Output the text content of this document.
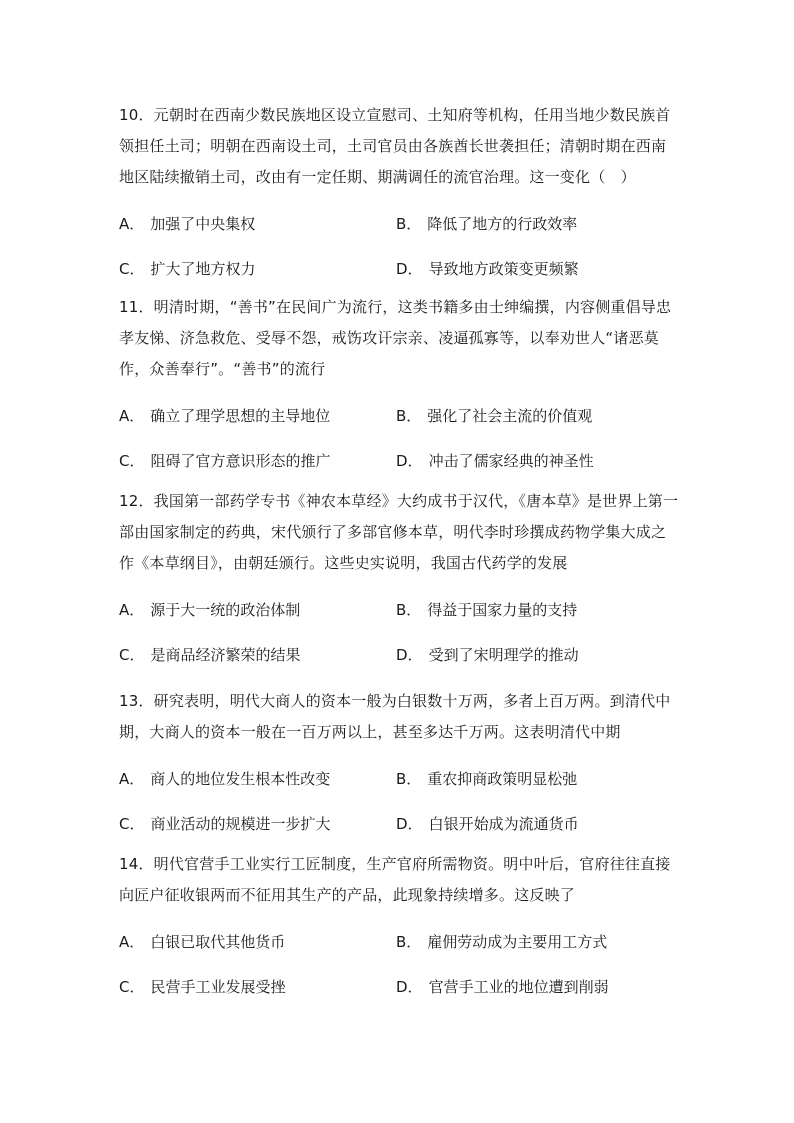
10．元朝时在西南少数民族地区设立宣慰司、土知府等机构，任用当地少数民族首领担任土司；明朝在西南设土司，土司官员由各族酋长世袭担任；清朝时期在西南地区陆续撤销土司，改由有一定任期、期满调任的流官治理。这一变化（　）

A． 加强了中央集权	B． 降低了地方的行政效率
C． 扩大了地方权力	D． 导致地方政策变更频繁

11．明清时期，“善书”在民间广为流行，这类书籍多由士绅编撰，内容侧重倡导忠孝友悌、济急救危、受辱不怨，戒饬攻讦宗亲、凌逼孤寡等，以奉劝世人“诸恶莫作，众善奉行”。“善书”的流行

A． 确立了理学思想的主导地位	B． 强化了社会主流的价值观
C． 阻碍了官方意识形态的推广	D． 冲击了儒家经典的神圣性

12．我国第一部药学专书《神农本草经》大约成书于汉代，《唐本草》是世界上第一部由国家制定的药典，宋代颁行了多部官修本草，明代李时珍撰成药物学集大成之作《本草纲目》，由朝廷颁行。这些史实说明，我国古代药学的发展

A． 源于大一统的政治体制	B． 得益于国家力量的支持
C． 是商品经济繁荣的结果	D． 受到了宋明理学的推动

13．研究表明，明代大商人的资本一般为白银数十万两，多者上百万两。到清代中期，大商人的资本一般在一百万两以上，甚至多达千万两。这表明清代中期

A． 商人的地位发生根本性改变	B． 重农抑商政策明显松弛
C． 商业活动的规模进一步扩大	D． 白银开始成为流通货币

14．明代官营手工业实行工匠制度，生产官府所需物资。明中叶后，官府往往直接向匠户征收银两而不征用其生产的产品，此现象持续增多。这反映了

A． 白银已取代其他货币	B． 雇佣劳动成为主要用工方式
C． 民营手工业发展受挫	D． 官营手工业的地位遭到削弱
